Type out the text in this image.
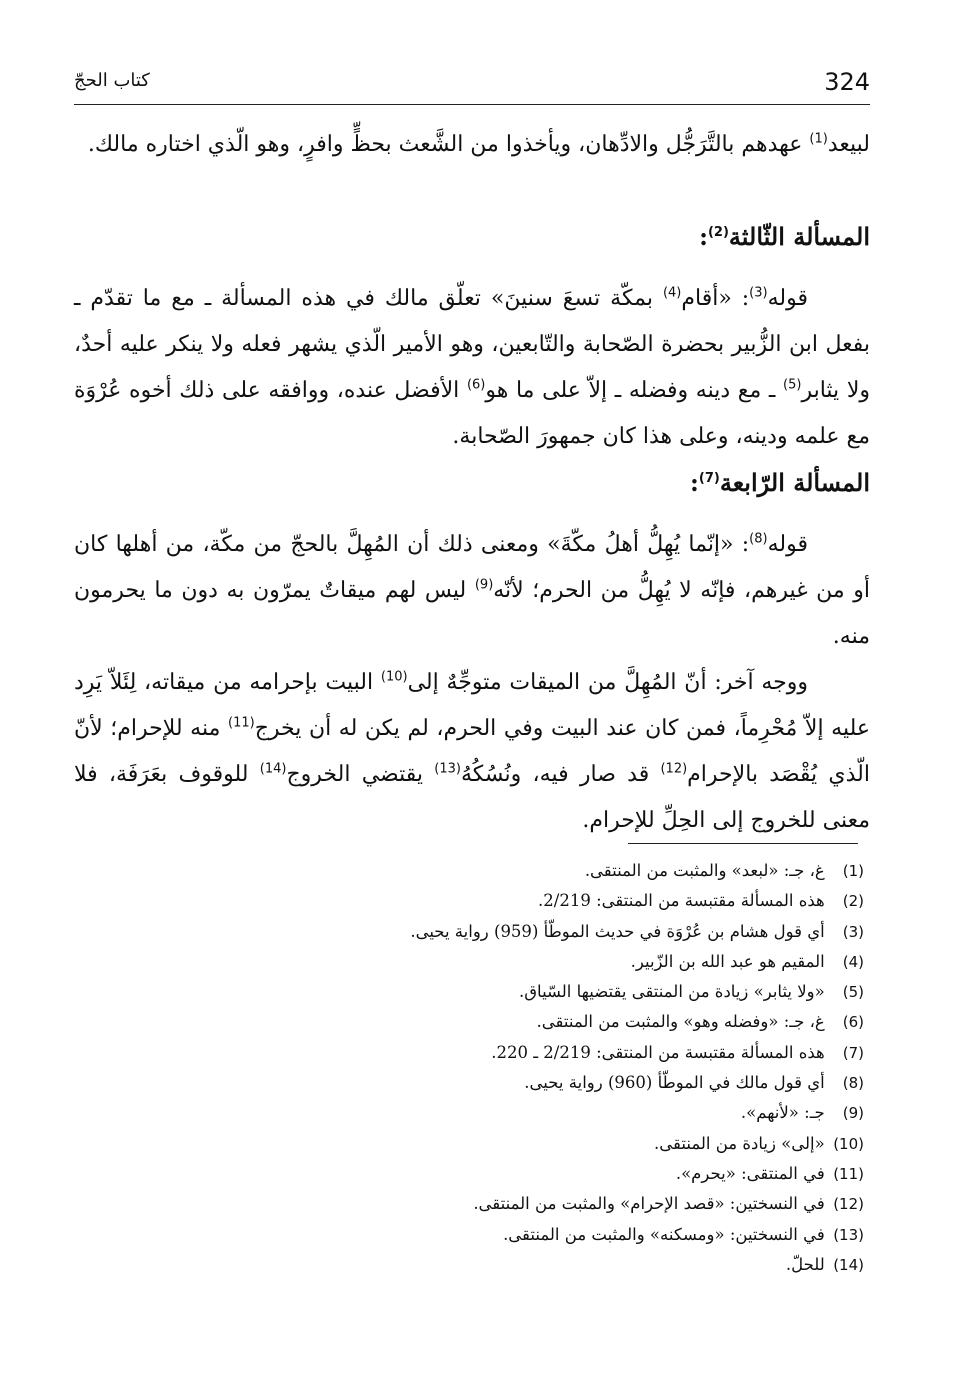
324
كتاب الحجّ

لبيعد$^{(1)}$ عهدهم بالتَّرَجُّل والادِّهان، ويأخذوا من الشَّعث بحظٍّ وافرٍ، وهو الّذي اختاره مالك.

المسألة الثّالثة$^{(2)}$:

قوله$^{(3)}$: «أقام$^{(4)}$ بمكّة تسعَ سنينَ» تعلّق مالك في هذه المسألة ـ مع ما تقدّم ـ بفعل ابن الزُّبير بحضرة الصّحابة والتّابعين، وهو الأمير الّذي يشهر فعله ولا ينكر عليه أحدٌ، ولا يثابر$^{(5)}$ ـ مع دينه وفضله ـ إلاّ على ما هو$^{(6)}$ الأفضل عنده، ووافقه على ذلك أخوه عُرْوَة مع علمه ودينه، وعلى هذا كان جمهورَ الصّحابة.

المسألة الرّابعة$^{(7)}$:

قوله$^{(8)}$: «إنّما يُهِلُّ أهلُ مكّةَ» ومعنى ذلك أن المُهِلَّ بالحجّ من مكّة، من أهلها كان أو من غيرهم، فإنّه لا يُهِلُّ من الحرم؛ لأنّه$^{(9)}$ ليس لهم ميقاتٌ يمرّون به دون ما يحرمون منه.

ووجه آخر: أنّ المُهِلَّ من الميقات متوجِّهٌ إلى$^{(10)}$ البيت بإحرامه من ميقاته، لِئَلاّ يَرِد عليه إلاّ مُحْرِماً، فمن كان عند البيت وفي الحرم، لم يكن له أن يخرج$^{(11)}$ منه للإحرام؛ لأنّ الّذي يُقْصَد بالإحرام$^{(12)}$ قد صار فيه، ونُسُكُهُ$^{(13)}$ يقتضي الخروج$^{(14)}$ للوقوف بعَرَفَة، فلا معنى للخروج إلى الحِلِّ للإحرام.

(1) غ، جـ: «لبعد» والمثبت من المنتقى.
(2) هذه المسألة مقتبسة من المنتقى: 2/219.
(3) أي قول هشام بن عُرْوَة في حديث الموطّأ (959) رواية يحيى.
(4) المقيم هو عبد الله بن الزّبير.
(5) «ولا يثابر» زيادة من المنتقى يقتضيها السّياق.
(6) غ، جـ: «وفضله وهو» والمثبت من المنتقى.
(7) هذه المسألة مقتبسة من المنتقى: 2/219 ـ 220.
(8) أي قول مالك في الموطّأ (960) رواية يحيى.
(9) جـ: «لأنهم».
(10) «إلى» زيادة من المنتقى.
(11) في المنتقى: «يحرم».
(12) في النسختين: «قصد الإحرام» والمثبت من المنتقى.
(13) في النسختين: «ومسكنه» والمثبت من المنتقى.
(14) للحلّ.
